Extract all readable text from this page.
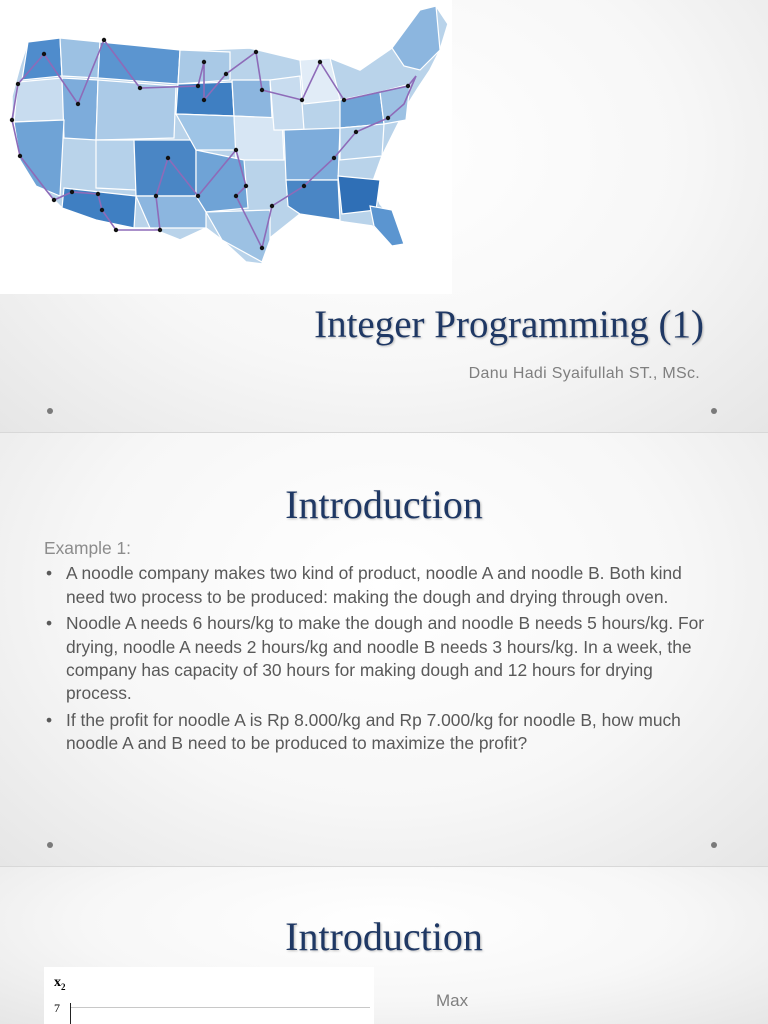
Integer Programming (1)
Danu Hadi Syaifullah ST., MSc.
Introduction
Example 1:
• A noodle company makes two kind of product, noodle A and noodle B. Both kind need two process to be produced: making the dough and drying through oven.
• Noodle A needs 6 hours/kg to make the dough and noodle B needs 5 hours/kg. For drying, noodle A needs 2 hours/kg and noodle B needs 3 hours/kg. In a week, the company has capacity of 30 hours for making dough and 12 hours for drying process.
• If the profit for noodle A is Rp 8.000/kg and Rp 7.000/kg for noodle B, how much noodle A and B need to be produced to maximize the profit?
Introduction
$x_2$
7	Max
